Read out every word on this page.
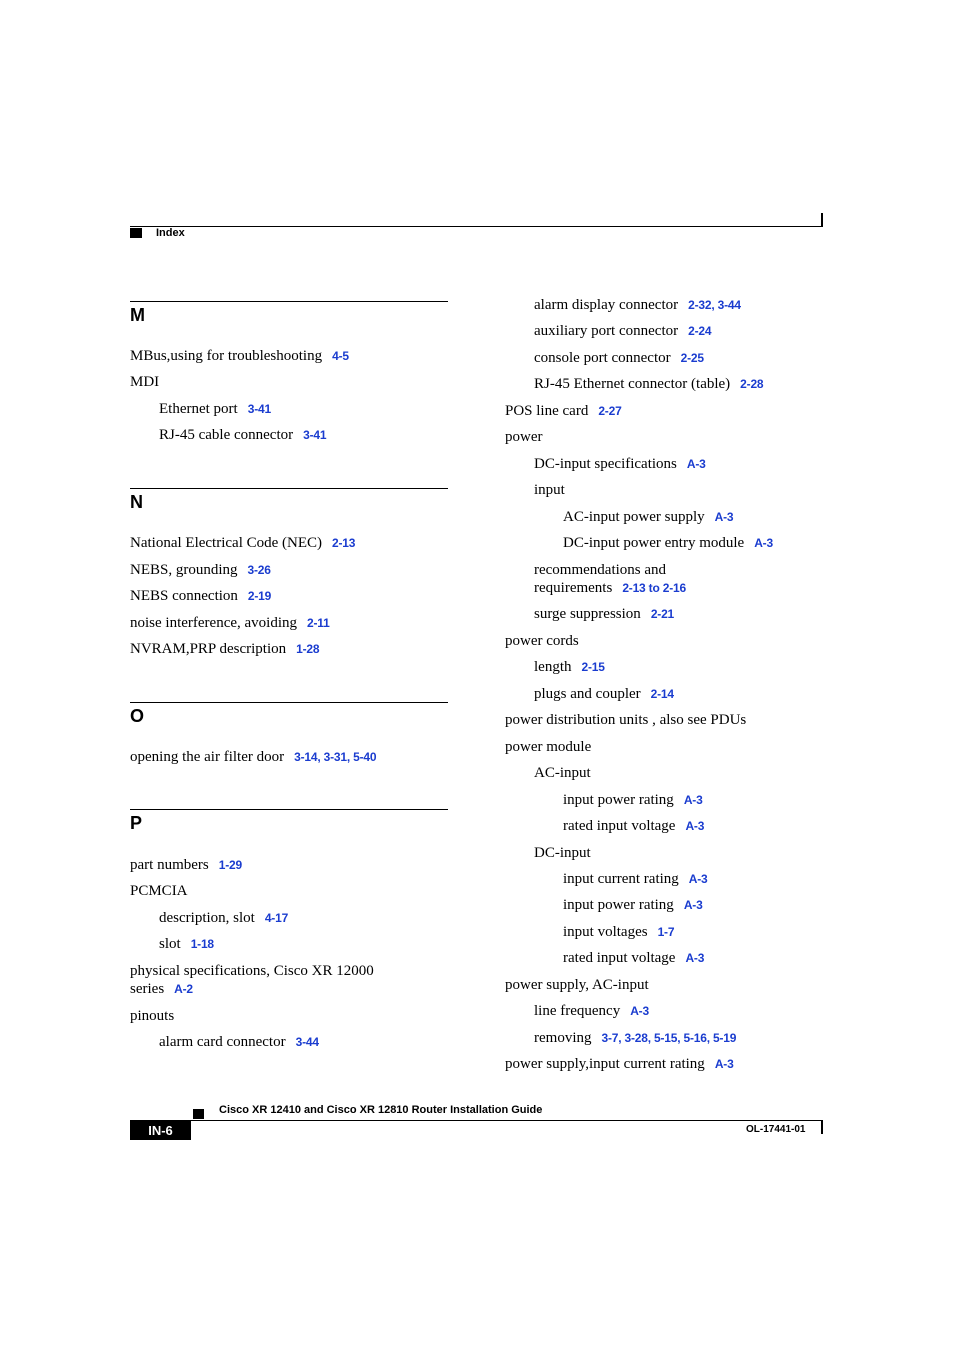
Index
M
MBus,using for troubleshooting 4-5
MDI
Ethernet port 3-41
RJ-45 cable connector 3-41
N
National Electrical Code (NEC) 2-13
NEBS, grounding 3-26
NEBS connection 2-19
noise interference, avoiding 2-11
NVRAM,PRP description 1-28
O
opening the air filter door 3-14, 3-31, 5-40
P
part numbers 1-29
PCMCIA
description, slot 4-17
slot 1-18
physical specifications, Cisco XR 12000
series A-2
pinouts
alarm card connector 3-44
alarm display connector 2-32, 3-44
auxiliary port connector 2-24
console port connector 2-25
RJ-45 Ethernet connector (table) 2-28
POS line card 2-27
power
DC-input specifications A-3
input
AC-input power supply A-3
DC-input power entry module A-3
recommendations and
requirements 2-13 to 2-16
surge suppression 2-21
power cords
length 2-15
plugs and coupler 2-14
power distribution units , also see PDUs
power module
AC-input
input power rating A-3
rated input voltage A-3
DC-input
input current rating A-3
input power rating A-3
input voltages 1-7
rated input voltage A-3
power supply, AC-input
line frequency A-3
removing 3-7, 3-28, 5-15, 5-16, 5-19
power supply,input current rating A-3
Cisco XR 12410 and Cisco XR 12810 Router Installation Guide
IN-6	OL-17441-01
